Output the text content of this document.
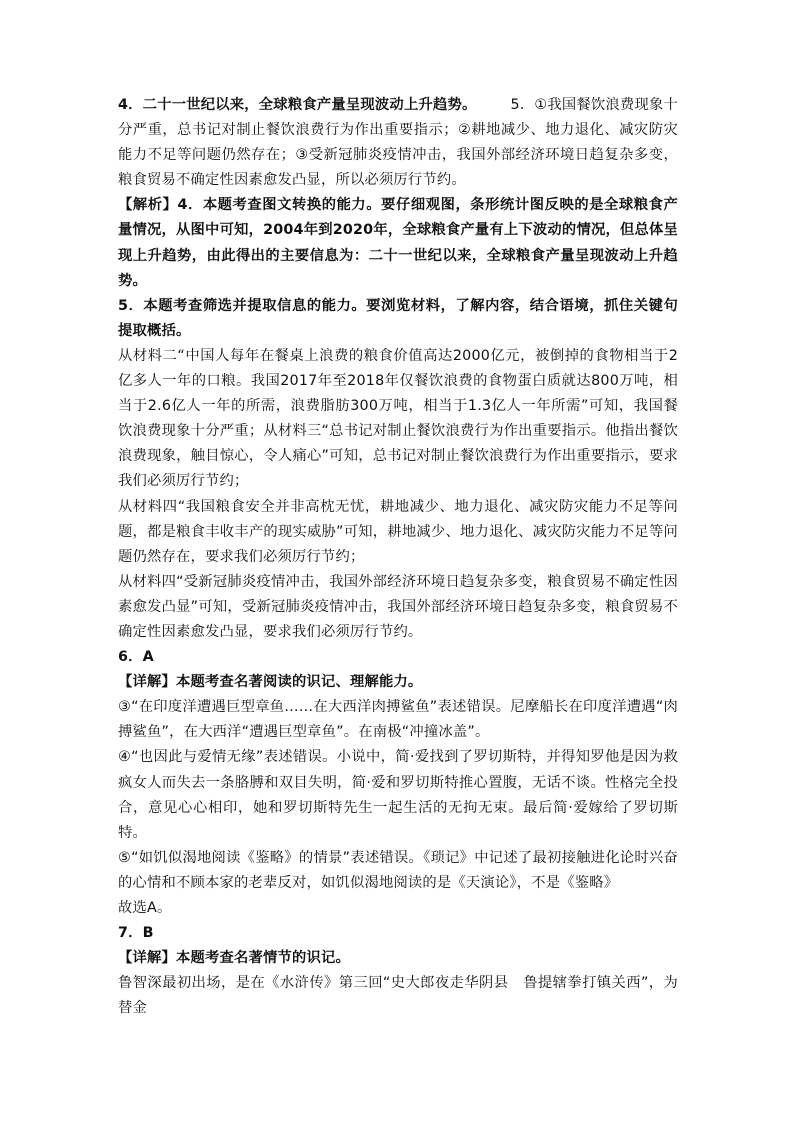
4．二十一世纪以来，全球粮食产量呈现波动上升趋势。 5．①我国餐饮浪费现象十分严重，总书记对制止餐饮浪费行为作出重要指示；②耕地减少、地力退化、减灾防灾能力不足等问题仍然存在；③受新冠肺炎疫情冲击，我国外部经济环境日趋复杂多变，粮食贸易不确定性因素愈发凸显，所以必须厉行节约。

【解析】4．本题考查图文转换的能力。要仔细观图，条形统计图反映的是全球粮食产量情况，从图中可知，2004年到2020年，全球粮食产量有上下波动的情况，但总体呈现上升趋势，由此得出的主要信息为：二十一世纪以来，全球粮食产量呈现波动上升趋势。

5．本题考查筛选并提取信息的能力。要浏览材料，了解内容，结合语境，抓住关键句提取概括。

从材料二“中国人每年在餐桌上浪费的粮食价值高达2000亿元，被倒掉的食物相当于2亿多人一年的口粮。我国2017年至2018年仅餐饮浪费的食物蛋白质就达800万吨，相当于2.6亿人一年的所需，浪费脂肪300万吨，相当于1.3亿人一年所需”可知，我国餐饮浪费现象十分严重；从材料三“总书记对制止餐饮浪费行为作出重要指示。他指出餐饮浪费现象，触目惊心，令人痛心”可知，总书记对制止餐饮浪费行为作出重要指示，要求我们必须厉行节约；

从材料四“我国粮食安全并非高枕无忧，耕地减少、地力退化、减灾防灾能力不足等问题，都是粮食丰收丰产的现实威胁”可知，耕地减少、地力退化、减灾防灾能力不足等问题仍然存在，要求我们必须厉行节约；

从材料四“受新冠肺炎疫情冲击，我国外部经济环境日趋复杂多变，粮食贸易不确定性因素愈发凸显”可知，受新冠肺炎疫情冲击，我国外部经济环境日趋复杂多变，粮食贸易不确定性因素愈发凸显，要求我们必须厉行节约。

6．A

【详解】本题考查名著阅读的识记、理解能力。

③“在印度洋遭遇巨型章鱼……在大西洋肉搏鲨鱼”表述错误。尼摩船长在印度洋遭遇“肉搏鲨鱼”，在大西洋“遭遇巨型章鱼”。在南极“冲撞冰盖”。

④“也因此与爱情无缘”表述错误。小说中，简·爱找到了罗切斯特，并得知罗他是因为救疯女人而失去一条胳膊和双目失明，简·爱和罗切斯特推心置腹，无话不谈。性格完全投合，意见心心相印，她和罗切斯特先生一起生活的无拘无束。最后简·爱嫁给了罗切斯特。

⑤“如饥似渴地阅读《鉴略》的情景”表述错误。《琐记》中记述了最初接触进化论时兴奋的心情和不顾本家的老辈反对，如饥似渴地阅读的是《天演论》，不是《鉴略》

故选A。

7．B

【详解】本题考查名著情节的识记。

鲁智深最初出场，是在《水浒传》第三回“史大郎夜走华阴县　鲁提辖拳打镇关西”，为替金
